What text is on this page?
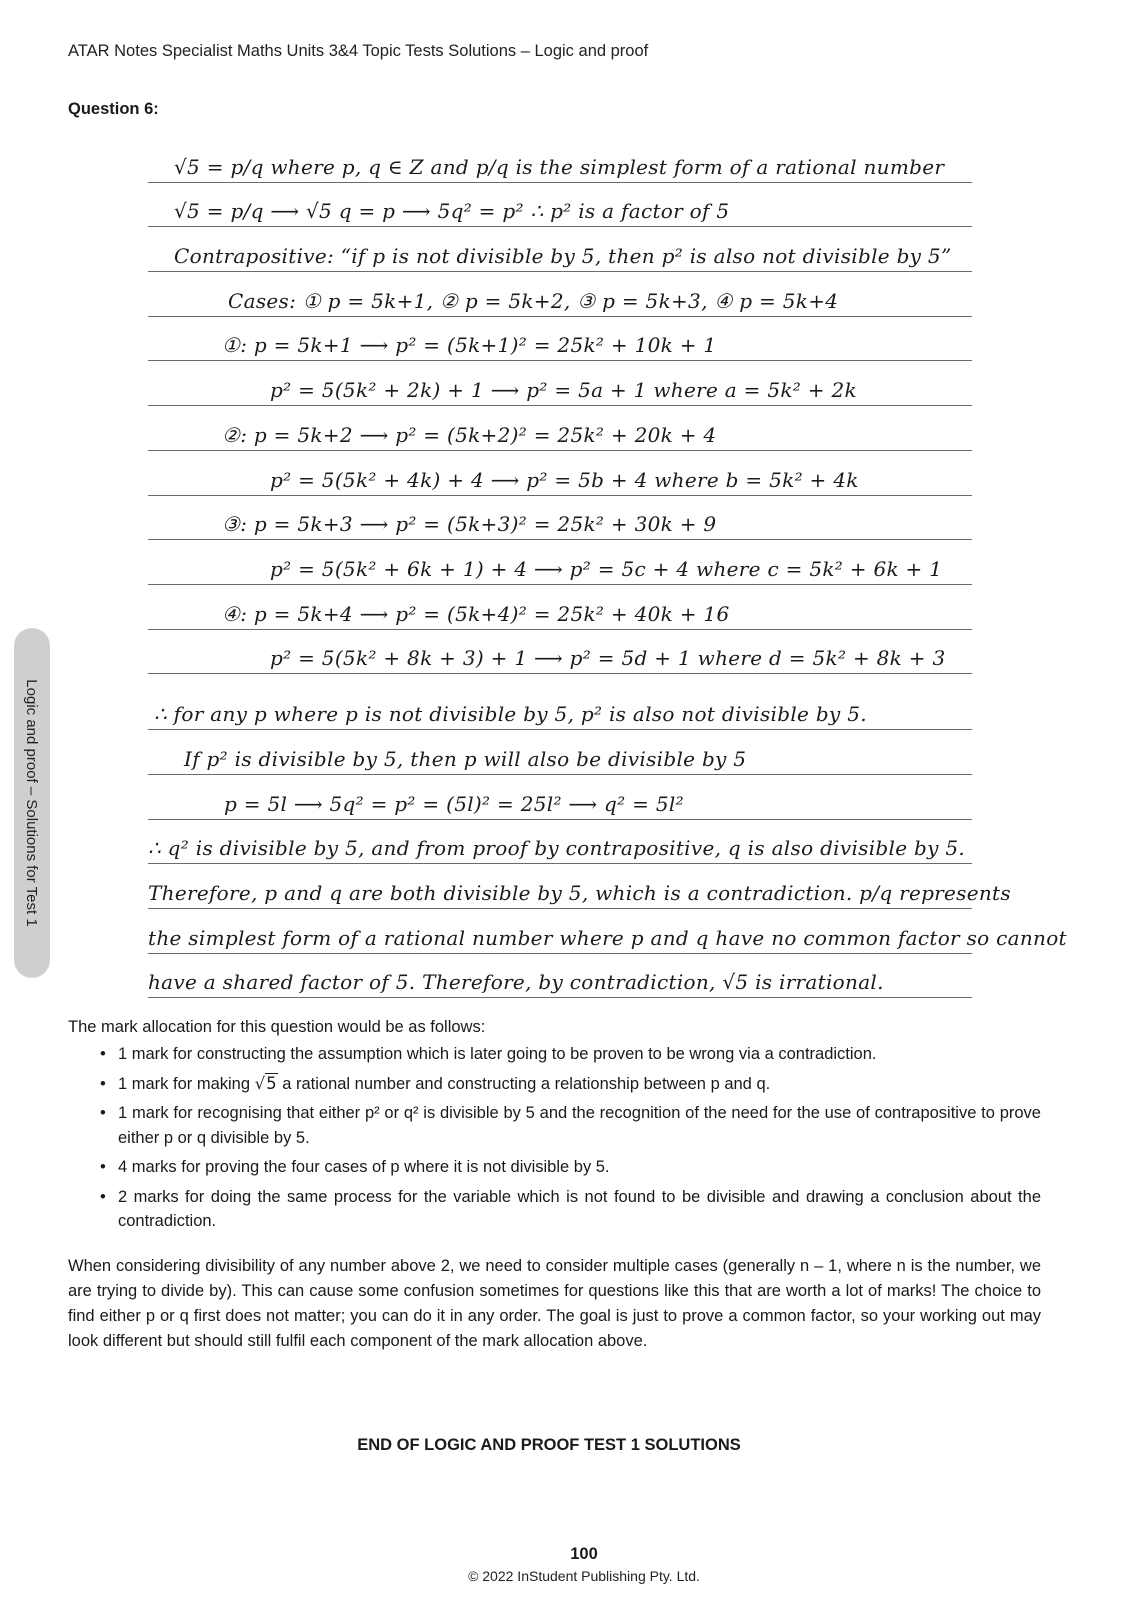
ATAR Notes Specialist Maths Units 3&4 Topic Tests Solutions – Logic and proof
Question 6:
Logic and proof – Solutions for Test 1
√5 = p/q where p, q ∈ Z and p/q is the simplest form of a rational number
√5 = p/q ⟶ √5 q = p ⟶ 5q² = p² ∴ p² is a factor of 5
Contrapositive: “if p is not divisible by 5, then p² is also not divisible by 5”
Cases: ① p = 5k+1, ② p = 5k+2, ③ p = 5k+3, ④ p = 5k+4
①: p = 5k+1 ⟶ p² = (5k+1)² = 25k² + 10k + 1
p² = 5(5k² + 2k) + 1 ⟶ p² = 5a + 1 where a = 5k² + 2k
②: p = 5k+2 ⟶ p² = (5k+2)² = 25k² + 20k + 4
p² = 5(5k² + 4k) + 4 ⟶ p² = 5b + 4 where b = 5k² + 4k
③: p = 5k+3 ⟶ p² = (5k+3)² = 25k² + 30k + 9
p² = 5(5k² + 6k + 1) + 4 ⟶ p² = 5c + 4 where c = 5k² + 6k + 1
④: p = 5k+4 ⟶ p² = (5k+4)² = 25k² + 40k + 16
p² = 5(5k² + 8k + 3) + 1 ⟶ p² = 5d + 1 where d = 5k² + 8k + 3
∴ for any p where p is not divisible by 5, p² is also not divisible by 5.
If p² is divisible by 5, then p will also be divisible by 5
p = 5l ⟶ 5q² = p² = (5l)² = 25l² ⟶ q² = 5l²
∴ q² is divisible by 5, and from proof by contrapositive, q is also divisible by 5.
Therefore, p and q are both divisible by 5, which is a contradiction. p/q represents
the simplest form of a rational number where p and q have no common factor so cannot
have a shared factor of 5. Therefore, by contradiction, √5 is irrational.
The mark allocation for this question would be as follows:
• 1 mark for constructing the assumption which is later going to be proven to be wrong via a contradiction.
• 1 mark for making √5 a rational number and constructing a relationship between p and q.
• 1 mark for recognising that either p² or q² is divisible by 5 and the recognition of the need for the use of contrapositive to prove either p or q divisible by 5.
• 4 marks for proving the four cases of p where it is not divisible by 5.
• 2 marks for doing the same process for the variable which is not found to be divisible and drawing a conclusion about the contradiction.

When considering divisibility of any number above 2, we need to consider multiple cases (generally n – 1, where n is the number, we are trying to divide by). This can cause some confusion sometimes for questions like this that are worth a lot of marks! The choice to find either p or q first does not matter; you can do it in any order. The goal is just to prove a common factor, so your working out may look different but should still fulfil each component of the mark allocation above.

END OF LOGIC AND PROOF TEST 1 SOLUTIONS
100
© 2022 InStudent Publishing Pty. Ltd.
